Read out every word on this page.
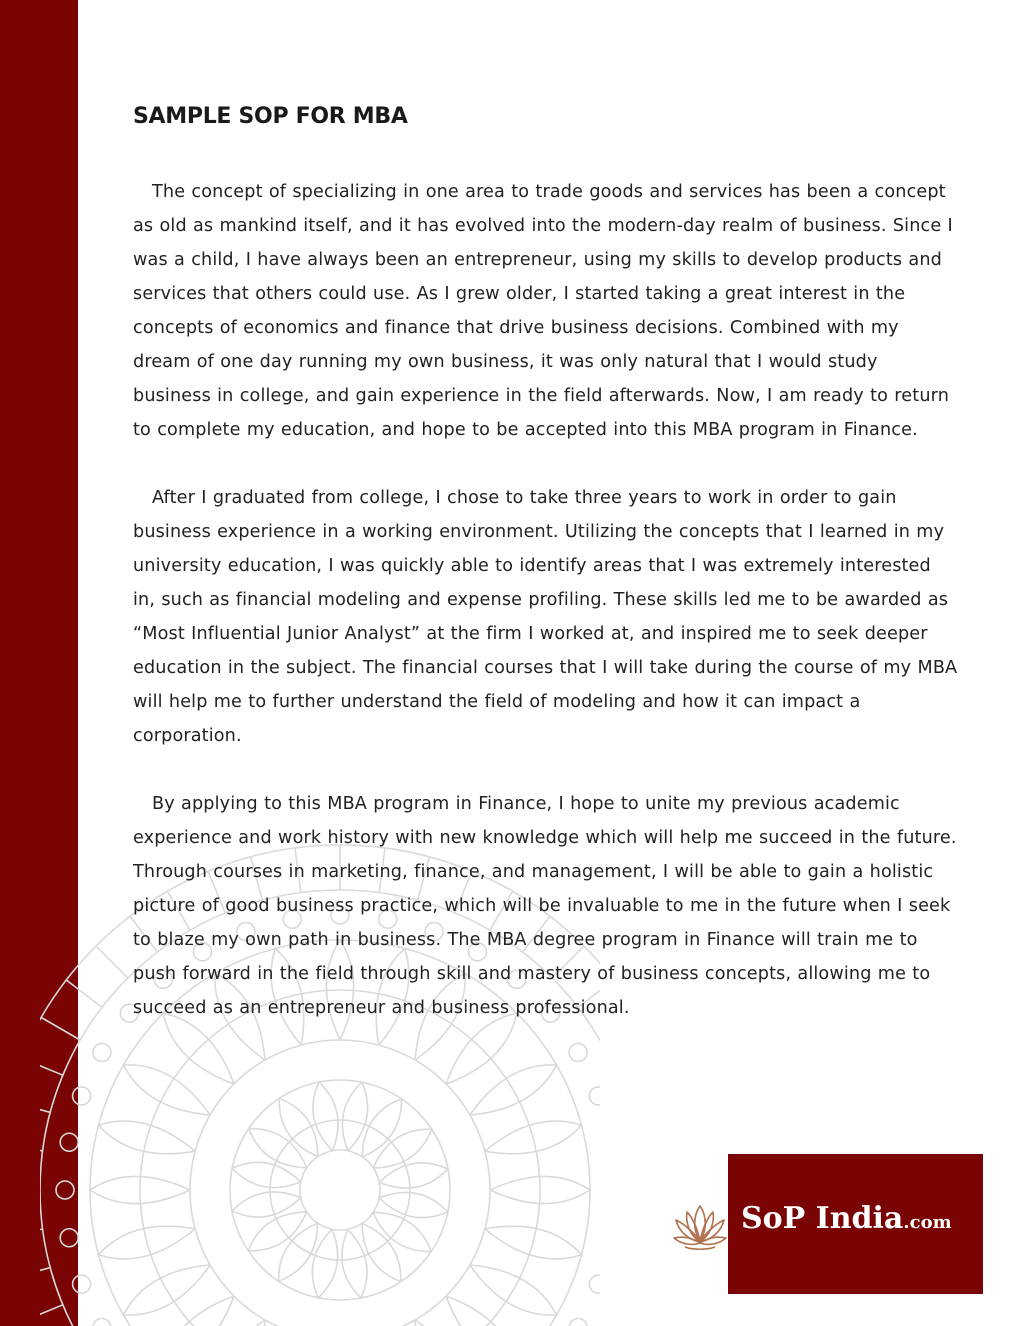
SAMPLE SOP FOR MBA

The concept of specializing in one area to trade goods and services has been a concept as old as mankind itself, and it has evolved into the modern-day realm of business. Since I was a child, I have always been an entrepreneur, using my skills to develop products and services that others could use. As I grew older, I started taking a great interest in the concepts of economics and finance that drive business decisions. Combined with my dream of one day running my own business, it was only natural that I would study business in college, and gain experience in the field afterwards. Now, I am ready to return to complete my education, and hope to be accepted into this MBA program in Finance.

After I graduated from college, I chose to take three years to work in order to gain business experience in a working environment. Utilizing the concepts that I learned in my university education, I was quickly able to identify areas that I was extremely interested in, such as financial modeling and expense profiling. These skills led me to be awarded as “Most Influential Junior Analyst” at the firm I worked at, and inspired me to seek deeper education in the subject. The financial courses that I will take during the course of my MBA will help me to further understand the field of modeling and how it can impact a corporation.

By applying to this MBA program in Finance, I hope to unite my previous academic experience and work history with new knowledge which will help me succeed in the future. Through courses in marketing, finance, and management, I will be able to gain a holistic picture of good business practice, which will be invaluable to me in the future when I seek to blaze my own path in business. The MBA degree program in Finance will train me to push forward in the field through skill and mastery of business concepts, allowing me to succeed as an entrepreneur and business professional.

SoP India.com
